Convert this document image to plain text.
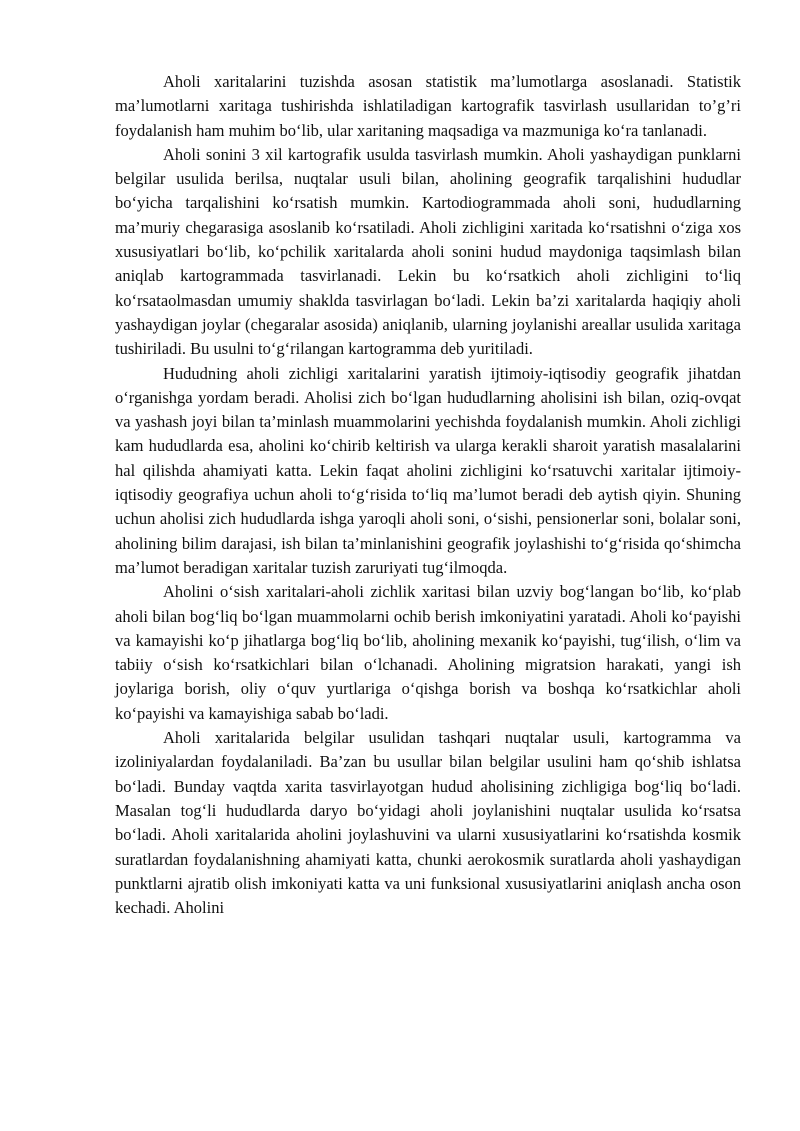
Aholi xaritalarini tuzishda asosan statistik ma’lumotlarga asoslanadi. Statistik ma’lumotlarni xaritaga tushirishda ishlatiladigan kartografik tasvirlash usullaridan to’g’ri foydalanish ham muhim bo‘lib, ular xaritaning maqsadiga va mazmuniga ko‘ra tanlanadi.

Aholi sonini 3 xil kartografik usulda tasvirlash mumkin. Aholi yashaydigan punklarni belgilar usulida berilsa, nuqtalar usuli bilan, aholining geografik tarqalishini hududlar bo‘yicha tarqalishini ko‘rsatish mumkin. Kartodiogrammada aholi soni, hududlarning ma’muriy chegarasiga asoslanib ko‘rsatiladi. Aholi zichligini xaritada ko‘rsatishni o‘ziga xos xususiyatlari bo‘lib, ko‘pchilik xaritalarda aholi sonini hudud maydoniga taqsimlash bilan aniqlab kartogrammada tasvirlanadi. Lekin bu ko‘rsatkich aholi zichligini to‘liq ko‘rsataolmasdan umumiy shaklda tasvirlagan bo‘ladi. Lekin ba’zi xaritalarda haqiqiy aholi yashaydigan joylar (chegaralar asosida) aniqlanib, ularning joylanishi areallar usulida xaritaga tushiriladi. Bu usulni to‘g‘rilangan kartogramma deb yuritiladi.

Hududning aholi zichligi xaritalarini yaratish ijtimoiy-iqtisodiy geografik jihatdan o‘rganishga yordam beradi. Aholisi zich bo‘lgan hududlarning aholisini ish bilan, oziq-ovqat va yashash joyi bilan ta’minlash muammolarini yechishda foydalanish mumkin. Aholi zichligi kam hududlarda esa, aholini ko‘chirib keltirish va ularga kerakli sharoit yaratish masalalarini hal qilishda ahamiyati katta. Lekin faqat aholini zichligini ko‘rsatuvchi xaritalar ijtimoiy-iqtisodiy geografiya uchun aholi to‘g‘risida to‘liq ma’lumot beradi deb aytish qiyin. Shuning uchun aholisi zich hududlarda ishga yaroqli aholi soni, o‘sishi, pensionerlar soni, bolalar soni, aholining bilim darajasi, ish bilan ta’minlanishini geografik joylashishi to‘g‘risida qo‘shimcha ma’lumot beradigan xaritalar tuzish zaruriyati tug‘ilmoqda.

Aholini o‘sish xaritalari-aholi zichlik xaritasi bilan uzviy bog‘langan bo‘lib, ko‘plab aholi bilan bog‘liq bo‘lgan muammolarni ochib berish imkoniyatini yaratadi. Aholi ko‘payishi va kamayishi ko‘p jihatlarga bog‘liq bo‘lib, aholining mexanik ko‘payishi, tug‘ilish, o‘lim va tabiiy o‘sish ko‘rsatkichlari bilan o‘lchanadi. Aholining migratsion harakati, yangi ish joylariga borish, oliy o‘quv yurtlariga o‘qishga borish va boshqa ko‘rsatkichlar aholi ko‘payishi va kamayishiga sabab bo‘ladi.

Aholi xaritalarida belgilar usulidan tashqari nuqtalar usuli, kartogramma va izoliniyalardan foydalaniladi. Ba’zan bu usullar bilan belgilar usulini ham qo‘shib ishlatsa bo‘ladi. Bunday vaqtda xarita tasvirlayotgan hudud aholisining zichligiga bog‘liq bo‘ladi. Masalan tog‘li hududlarda daryo bo‘yidagi aholi joylanishini nuqtalar usulida ko‘rsatsa bo‘ladi. Aholi xaritalarida aholini joylashuvini va ularni xususiyatlarini ko‘rsatishda kosmik suratlardan foydalanishning ahamiyati katta, chunki aerokosmik suratlarda aholi yashaydigan punktlarni ajratib olish imkoniyati katta va uni funksional xususiyatlarini aniqlash ancha oson kechadi. Aholini
